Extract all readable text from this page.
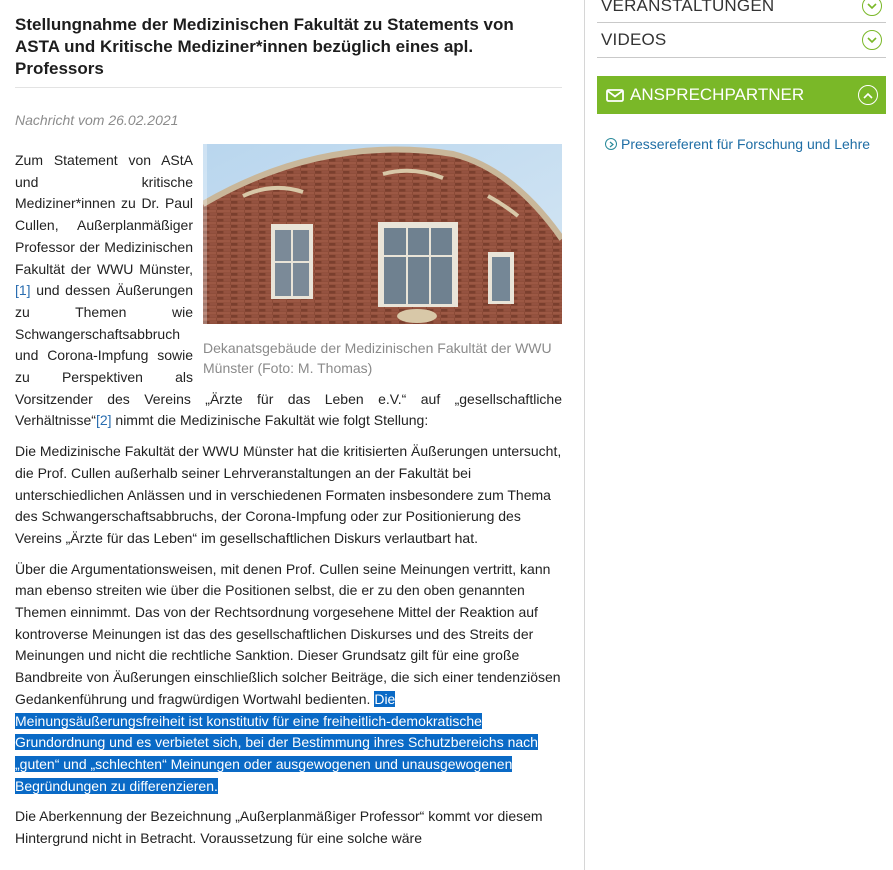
Stellungnahme der Medizinischen Fakultät zu Statements von ASTA und Kritische Mediziner*innen bezüglich eines apl. Professors
Nachricht vom 26.02.2021
Dekanatsgebäude der Medizinischen Fakultät der WWU Münster (Foto: M. Thomas)

Zum Statement von AStA und kritische Mediziner*innen zu Dr. Paul Cullen, Außerplanmäßiger Professor der Medizinischen Fakultät der WWU Münster,[1] und dessen Äußerungen zu Themen wie Schwangerschaftsabbruch und Corona-Impfung sowie zu Perspektiven als Vorsitzender des Vereins „Ärzte für das Leben e.V.“ auf „gesellschaftliche Verhältnisse“[2] nimmt die Medizinische Fakultät wie folgt Stellung:

Die Medizinische Fakultät der WWU Münster hat die kritisierten Äußerungen untersucht, die Prof. Cullen außerhalb seiner Lehrveranstaltungen an der Fakultät bei unterschiedlichen Anlässen und in verschiedenen Formaten insbesondere zum Thema des Schwangerschaftsabbruchs, der Corona-Impfung oder zur Positionierung des Vereins „Ärzte für das Leben“ im gesellschaftlichen Diskurs verlautbart hat.

Über die Argumentationsweisen, mit denen Prof. Cullen seine Meinungen vertritt, kann man ebenso streiten wie über die Positionen selbst, die er zu den oben genannten Themen einnimmt. Das von der Rechtsordnung vorgesehene Mittel der Reaktion auf kontroverse Meinungen ist das des gesellschaftlichen Diskurses und des Streits der Meinungen und nicht die rechtliche Sanktion. Dieser Grundsatz gilt für eine große Bandbreite von Äußerungen einschließlich solcher Beiträge, die sich einer tendenziösen Gedankenführung und fragwürdigen Wortwahl bedienten. Die Meinungsäußerungsfreiheit ist konstitutiv für eine freiheitlich-demokratische Grundordnung und es verbietet sich, bei der Bestimmung ihres Schutzbereichs nach „guten“ und „schlechten“ Meinungen oder ausgewogenen und unausgewogenen Begründungen zu differenzieren.

Die Aberkennung der Bezeichnung „Außerplanmäßiger Professor“ kommt vor diesem Hintergrund nicht in Betracht. Voraussetzung für eine solche wäre

VERANSTALTUNGEN
VIDEOS
ANSPRECHPARTNER
Pressereferent für Forschung und Lehre
